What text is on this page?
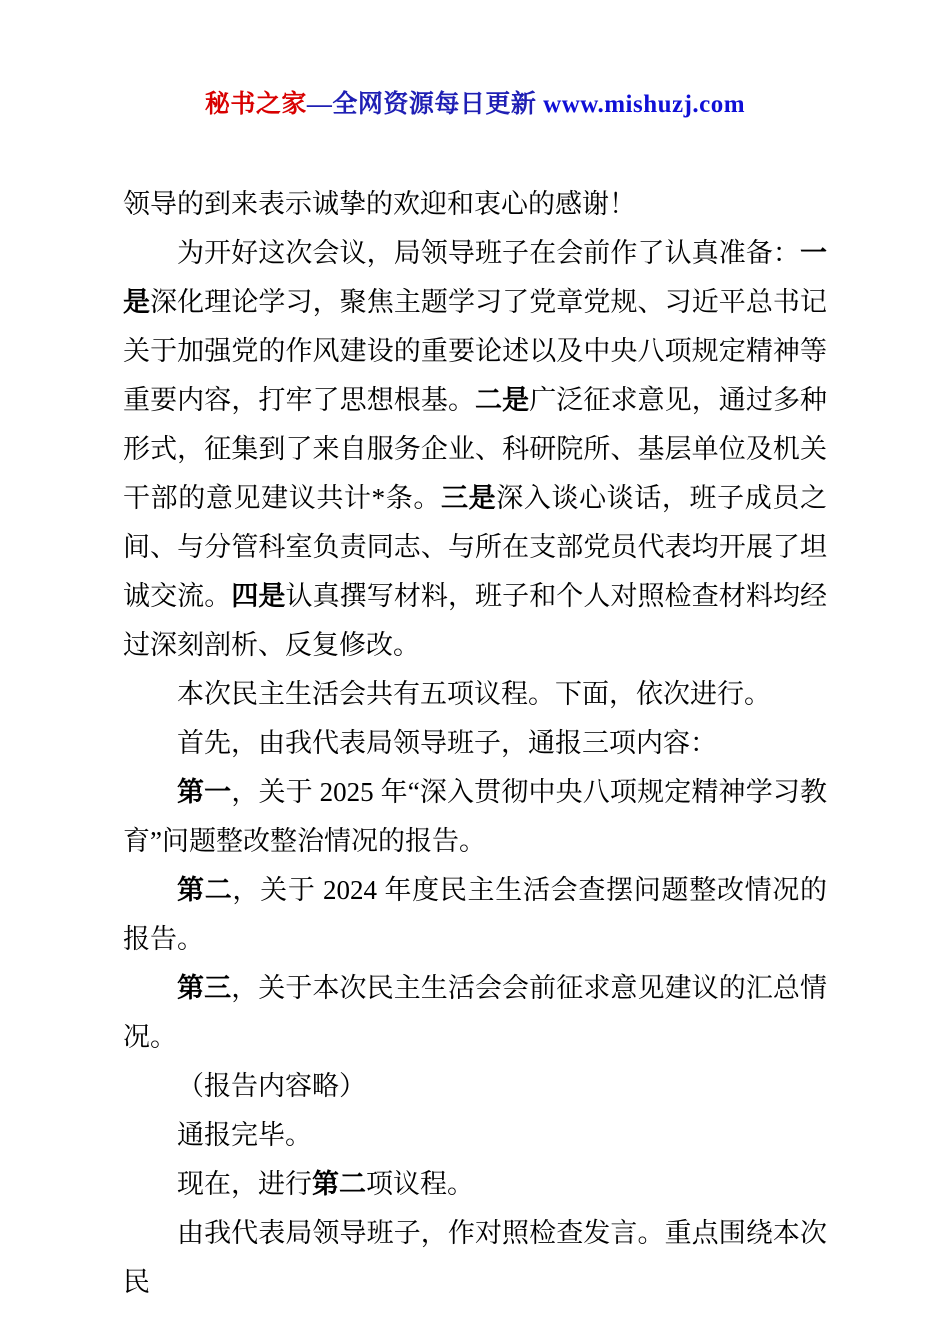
秘书之家—全网资源每日更新 www.mishuzj.com

领导的到来表示诚挚的欢迎和衷心的感谢！

为开好这次会议，局领导班子在会前作了认真准备：一是深化理论学习，聚焦主题学习了党章党规、习近平总书记关于加强党的作风建设的重要论述以及中央八项规定精神等重要内容，打牢了思想根基。二是广泛征求意见，通过多种形式，征集到了来自服务企业、科研院所、基层单位及机关干部的意见建议共计*条。三是深入谈心谈话，班子成员之间、与分管科室负责同志、与所在支部党员代表均开展了坦诚交流。四是认真撰写材料，班子和个人对照检查材料均经过深刻剖析、反复修改。

本次民主生活会共有五项议程。下面，依次进行。

首先，由我代表局领导班子，通报三项内容：

第一，关于 2025 年“深入贯彻中央八项规定精神学习教育”问题整改整治情况的报告。

第二，关于 2024 年度民主生活会查摆问题整改情况的报告。

第三，关于本次民主生活会会前征求意见建议的汇总情况。

（报告内容略）

通报完毕。

现在，进行第二项议程。

由我代表局领导班子，作对照检查发言。重点围绕本次民
